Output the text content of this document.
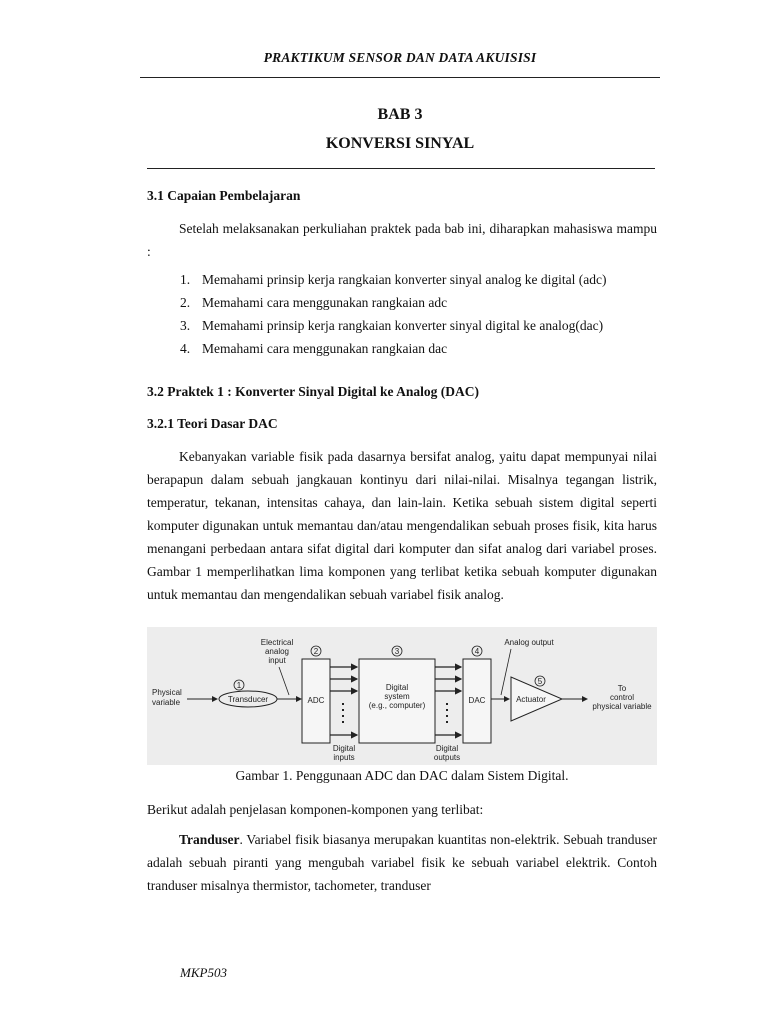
PRAKTIKUM SENSOR DAN DATA AKUISISI
BAB 3
KONVERSI SINYAL
3.1 Capaian Pembelajaran

Setelah melaksanakan perkuliahan praktek pada bab ini, diharapkan mahasiswa mampu :

1. Memahami prinsip kerja rangkaian konverter sinyal analog ke digital (adc)
2. Memahami cara menggunakan rangkaian adc
3. Memahami prinsip kerja rangkaian konverter sinyal digital ke analog(dac)
4. Memahami cara menggunakan rangkaian dac
3.2 Praktek 1 : Konverter Sinyal Digital ke Analog (DAC)
3.2.1 Teori Dasar DAC

Kebanyakan variable fisik pada dasarnya bersifat analog, yaitu dapat mempunyai nilai berapapun dalam sebuah jangkauan kontinyu dari nilai-nilai. Misalnya tegangan listrik, temperatur, tekanan, intensitas cahaya, dan lain-lain. Ketika sebuah sistem digital seperti komputer digunakan untuk memantau dan/atau mengendalikan sebuah proses fisik, kita harus menangani perbedaan antara sifat digital dari komputer dan sifat analog dari variabel proses. Gambar 1 memperlihatkan lima komponen yang terlibat ketika sebuah komputer digunakan untuk memantau dan mengendalikan sebuah variabel fisik analog.

Physical
variable	Transducer
1
Electrical
analog
input
ADC
2
Digital
inputs
Digital
system
(e.g., computer)
3
Digital
outputs
DAC
4
Analog output
Actuator
5
To
control
physical variable
Gambar 1. Penggunaan ADC dan DAC dalam Sistem Digital.

Berikut adalah penjelasan komponen-komponen yang terlibat:

Tranduser. Variabel fisik biasanya merupakan kuantitas non-elektrik. Sebuah tranduser adalah sebuah piranti yang mengubah variabel fisik ke sebuah variabel elektrik. Contoh tranduser misalnya thermistor, tachometer, tranduser

MKP503
